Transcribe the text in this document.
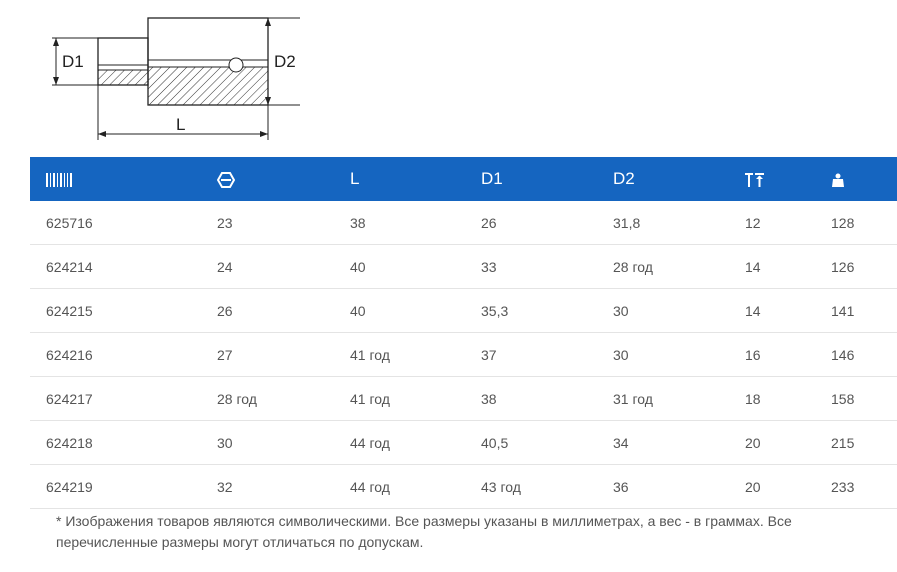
D1	D2
L
		L	D1	D2		
625716	23	38	26	31,8	12	128
624214	24	40	33	28 год	14	126
624215	26	40	35,3	30	14	141
624216	27	41 год	37	30	16	146
624217	28 год	41 год	38	31 год	18	158
624218	30	44 год	40,5	34	20	215
624219	32	44 год	43 год	36	20	233
* Изображения товаров являются символическими. Все размеры указаны в миллиметрах, а вес - в граммах. Все перечисленные размеры могут отличаться по допускам.
